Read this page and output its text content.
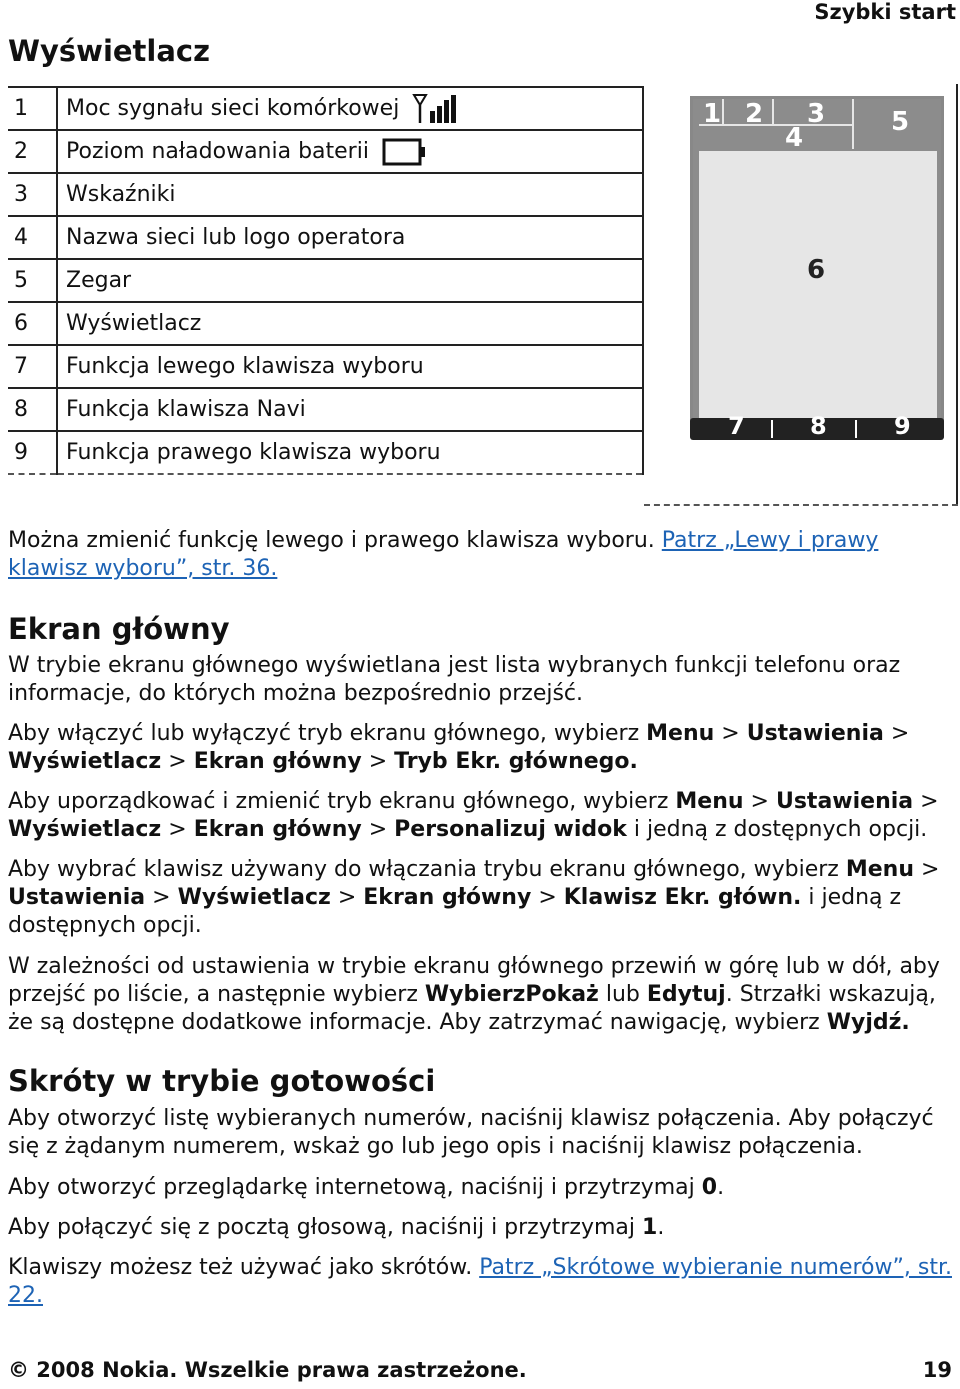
Szybki start
Wyświetlacz
1	Moc sygnału sieci komórkowej
2	Poziom naładowania baterii
3	Wskaźniki
4	Nazwa sieci lub logo operatora
5	Zegar
6	Wyświetlacz
7	Funkcja lewego klawisza wyboru
8	Funkcja klawisza Navi
9	Funkcja prawego klawisza wyboru
1 2 3
4
5
6
7	8	9

Można zmienić funkcję lewego i prawego klawisza wyboru. Patrz „Lewy i prawy klawisz wyboru”, str. 36.

Ekran główny

W trybie ekranu głównego wyświetlana jest lista wybranych funkcji telefonu oraz informacje, do których można bezpośrednio przejść.

Aby włączyć lub wyłączyć tryb ekranu głównego, wybierz Menu > Ustawienia > Wyświetlacz > Ekran główny > Tryb Ekr. głównego.

Aby uporządkować i zmienić tryb ekranu głównego, wybierz Menu > Ustawienia > Wyświetlacz > Ekran główny > Personalizuj widok i jedną z dostępnych opcji.

Aby wybrać klawisz używany do włączania trybu ekranu głównego, wybierz Menu > Ustawienia > Wyświetlacz > Ekran główny > Klawisz Ekr. główn. i jedną z dostępnych opcji.

W zależności od ustawienia w trybie ekranu głównego przewiń w górę lub w dół, aby przejść po liście, a następnie wybierz WybierzPokaż lub Edytuj. Strzałki wskazują, że są dostępne dodatkowe informacje. Aby zatrzymać nawigację, wybierz Wyjdź.

Skróty w trybie gotowości

Aby otworzyć listę wybieranych numerów, naciśnij klawisz połączenia. Aby połączyć się z żądanym numerem, wskaż go lub jego opis i naciśnij klawisz połączenia.

Aby otworzyć przeglądarkę internetową, naciśnij i przytrzymaj 0.

Aby połączyć się z pocztą głosową, naciśnij i przytrzymaj 1.

Klawiszy możesz też używać jako skrótów. Patrz „Skrótowe wybieranie numerów”, str. 22.

© 2008 Nokia. Wszelkie prawa zastrzeżone.	19
